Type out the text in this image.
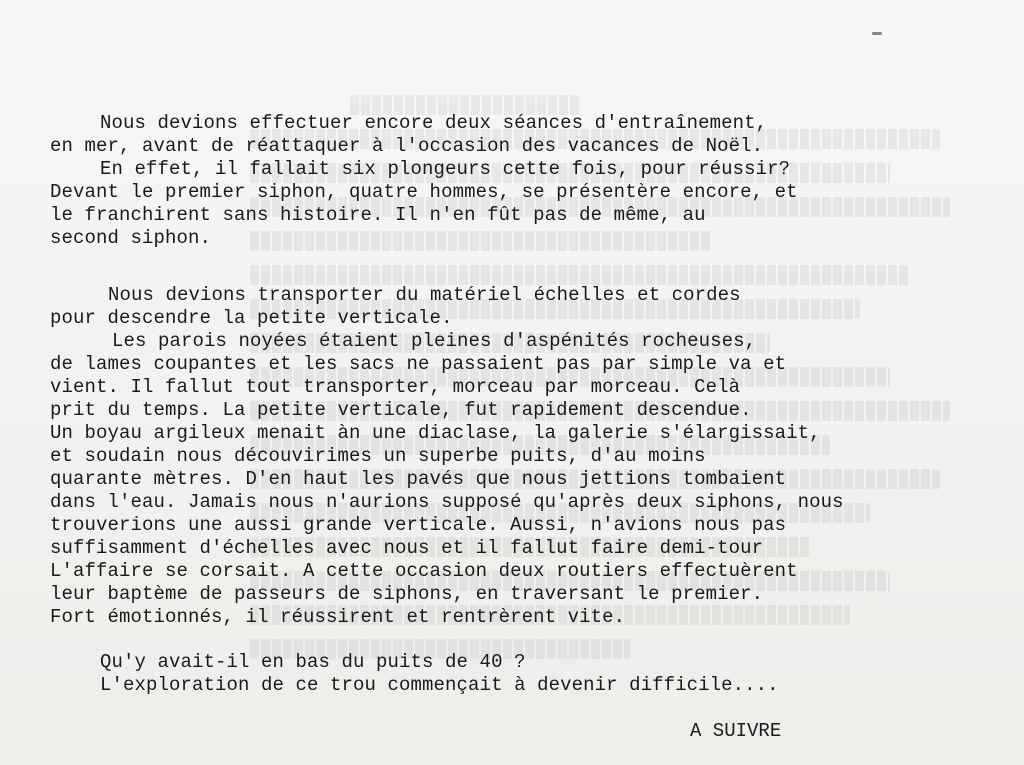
Nous devions effectuer encore deux séances d'entraînement,
en mer, avant de réattaquer à l'occasion des vacances de Noël.
En effet, il fallait six plongeurs cette fois, pour réussir?
Devant le premier siphon, quatre hommes, se présentère encore, et
le franchirent sans histoire. Il n'en fût pas de même, au
second siphon.
Nous devions transporter du matériel échelles et cordes
pour descendre la petite verticale.
Les parois noyées étaient pleines d'aspénités rocheuses,
de lames coupantes et les sacs ne passaient pas par simple va et
vient. Il fallut tout transporter, morceau par morceau. Celà
prit du temps. La petite verticale, fut rapidement descendue.
Un boyau argileux menait àn une diaclase, la galerie s'élargissait,
et soudain nous découvirimes un superbe puits, d'au moins
quarante mètres. D'en haut les pavés que nous jettions tombaient
dans l'eau. Jamais nous n'aurions supposé qu'après deux siphons, nous
trouverions une aussi grande verticale. Aussi, n'avions nous pas
suffisamment d'échelles avec nous et il fallut faire demi-tour
L'affaire se corsait. A cette occasion deux routiers effectuèrent
leur baptème de passeurs de siphons, en traversant le premier.
Fort émotionnés, il réussirent et rentrèrent vite.
Qu'y avait-il en bas du puits de 40 ?
L'exploration de ce trou commençait à devenir difficile....
A SUIVRE
